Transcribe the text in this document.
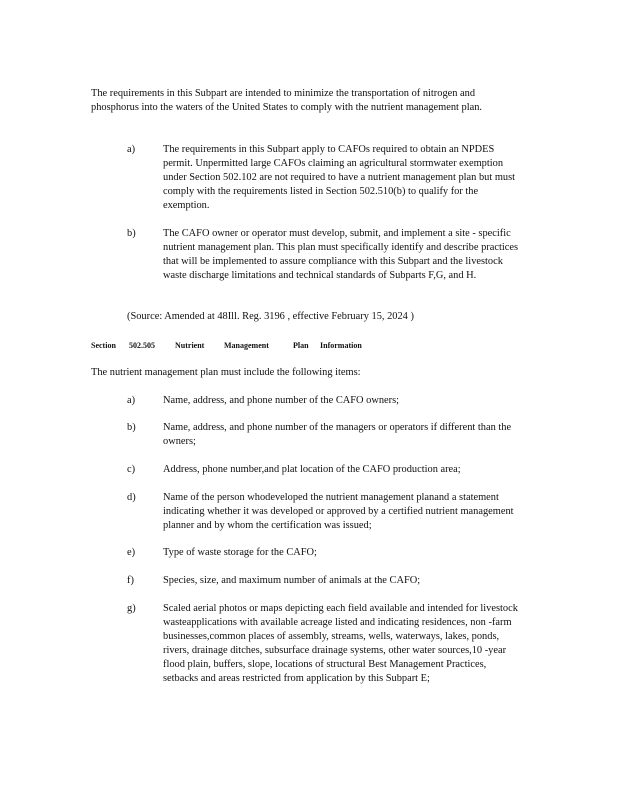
The requirements in this Subpart are intended to minimize the transportation of nitrogen and phosphorus into the waters of the United States to comply with the nutrient management plan.

a)	The requirements in this Subpart apply to CAFOs required to obtain an NPDES permit. Unpermitted large CAFOs claiming an agricultural stormwater exemption under Section 502.102 are not required to have a nutrient management plan but must comply with the requirements listed in Section 502.510(b) to qualify for the exemption.

b)	The CAFO owner or operator must develop, submit, and implement a site - specific nutrient management plan. This plan must specifically identify and describe practices that will be implemented to assure compliance with this Subpart and the livestock waste discharge limitations and technical standards of Subparts F,G, and H.

(Source: Amended at 48Ill. Reg. 3196 , effective February 15, 2024 )
Section 502.505	Nutrient Management	Plan Information

The nutrient management plan must include the following items:

a)	Name, address, and phone number of the CAFO owners;

b)	Name, address, and phone number of the managers or operators if different than the owners;

c)	Address, phone number,and plat location of the CAFO production area;

d)	Name of the person whodeveloped the nutrient management planand a statement indicating whether it was developed or approved by a certified nutrient management planner and by whom the certification was issued;

e)	Type of waste storage for the CAFO;

f)	Species, size, and maximum number of animals at the CAFO;

g)	Scaled aerial photos or maps depicting each field available and intended for livestock wasteapplications with available acreage listed and indicating residences, non -farm businesses,common places of assembly, streams, wells, waterways, lakes, ponds, rivers, drainage ditches, subsurface drainage systems, other water sources,10 -year flood plain, buffers, slope, locations of structural Best Management Practices, setbacks and areas restricted from application by this Subpart E;
